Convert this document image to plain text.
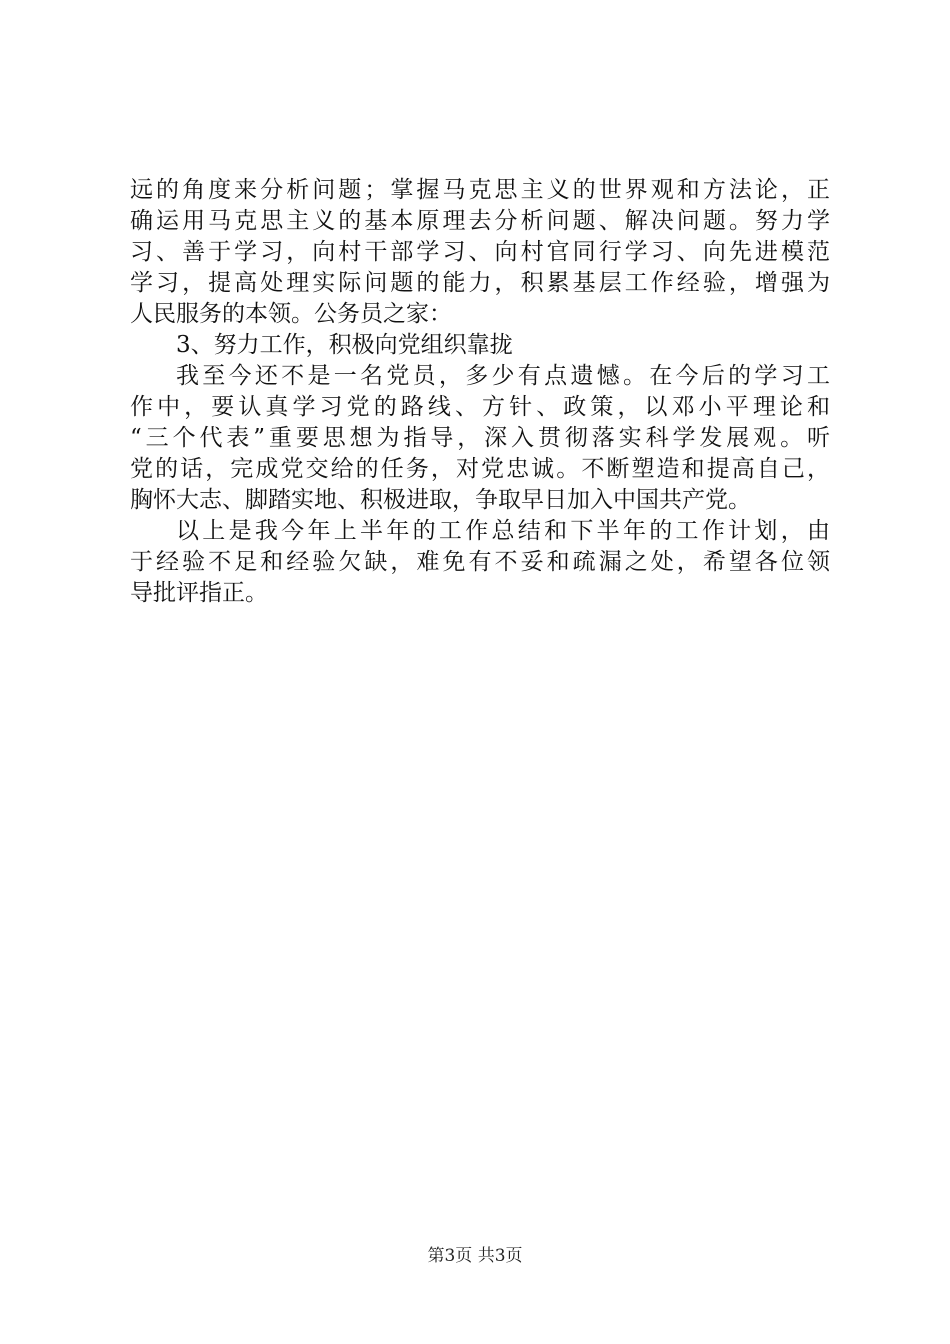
远的角度来分析问题；掌握马克思主义的世界观和方法论，正
确运用马克思主义的基本原理去分析问题、解决问题。努力学
习、善于学习，向村干部学习、向村官同行学习、向先进模范
学习，提高处理实际问题的能力，积累基层工作经验，增强为
人民服务的本领。公务员之家：
3、努力工作，积极向党组织靠拢
我至今还不是一名党员，多少有点遗憾。在今后的学习工
作中，要认真学习党的路线、方针、政策，以邓小平理论和
“三个代表”重要思想为指导，深入贯彻落实科学发展观。听
党的话，完成党交给的任务，对党忠诚。不断塑造和提高自己，
胸怀大志、脚踏实地、积极进取，争取早日加入中国共产党。
以上是我今年上半年的工作总结和下半年的工作计划，由
于经验不足和经验欠缺，难免有不妥和疏漏之处，希望各位领
导批评指正。
第3页 共3页
